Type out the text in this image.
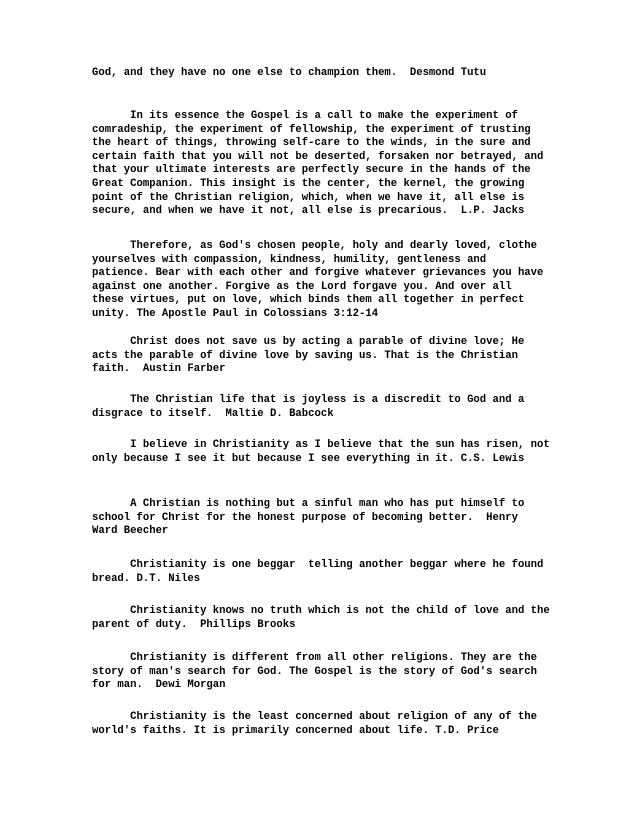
God, and they have no one else to champion them.  Desmond Tutu

In its essence the Gospel is a call to make the experiment of
comradeship, the experiment of fellowship, the experiment of trusting
the heart of things, throwing self-care to the winds, in the sure and
certain faith that you will not be deserted, forsaken nor betrayed, and
that your ultimate interests are perfectly secure in the hands of the
Great Companion. This insight is the center, the kernel, the growing
point of the Christian religion, which, when we have it, all else is
secure, and when we have it not, all else is precarious.  L.P. Jacks

Therefore, as God's chosen people, holy and dearly loved, clothe
yourselves with compassion, kindness, humility, gentleness and
patience. Bear with each other and forgive whatever grievances you have
against one another. Forgive as the Lord forgave you. And over all
these virtues, put on love, which binds them all together in perfect
unity. The Apostle Paul in Colossians 3:12-14

Christ does not save us by acting a parable of divine love; He
acts the parable of divine love by saving us. That is the Christian
faith.  Austin Farber

The Christian life that is joyless is a discredit to God and a
disgrace to itself.  Maltie D. Babcock

I believe in Christianity as I believe that the sun has risen, not
only because I see it but because I see everything in it. C.S. Lewis

A Christian is nothing but a sinful man who has put himself to
school for Christ for the honest purpose of becoming better.  Henry
Ward Beecher

Christianity is one beggar  telling another beggar where he found
bread. D.T. Niles

Christianity knows no truth which is not the child of love and the
parent of duty.  Phillips Brooks

Christianity is different from all other religions. They are the
story of man's search for God. The Gospel is the story of God's search
for man.  Dewi Morgan

Christianity is the least concerned about religion of any of the
world's faiths. It is primarily concerned about life. T.D. Price
